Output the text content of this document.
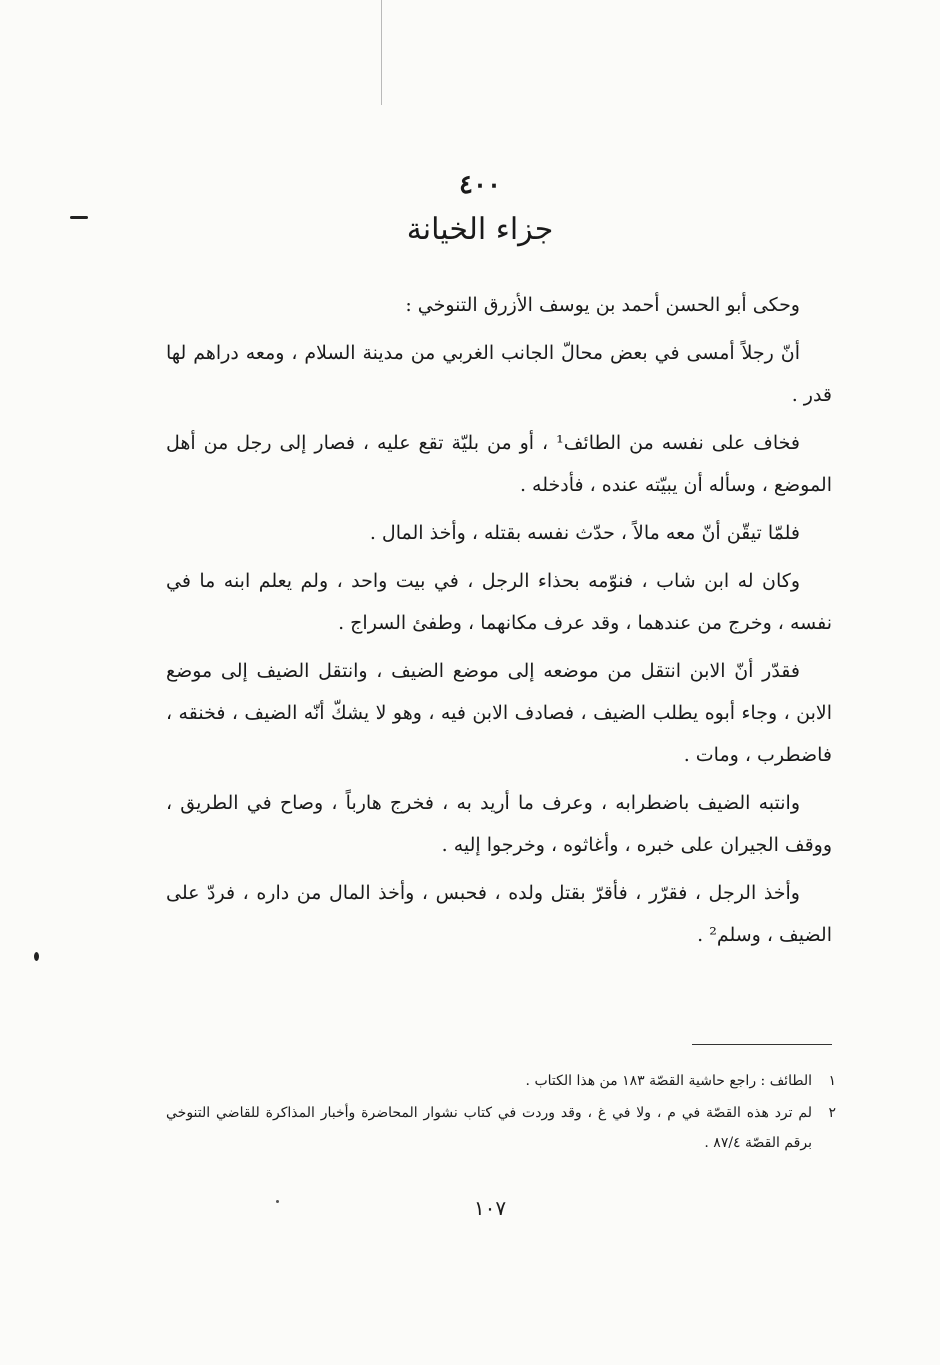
٤٠٠
جزاء الخيانة

وحكى أبو الحسن أحمد بن يوسف الأزرق التنوخي :

أنّ رجلاً أمسى في بعض محالّ الجانب الغربي من مدينة السلام ، ومعه دراهم لها قدر .

فخاف على نفسه من الطائف¹ ، أو من بليّة تقع عليه ، فصار إلى رجل من أهل الموضع ، وسأله أن يبيّته عنده ، فأدخله .

فلمّا تيقّن أنّ معه مالاً ، حدّث نفسه بقتله ، وأخذ المال .

وكان له ابن شاب ، فنوّمه بحذاء الرجل ، في بيت واحد ، ولم يعلم ابنه ما في نفسه ، وخرج من عندهما ، وقد عرف مكانهما ، وطفئ السراج .

فقدّر أنّ الابن انتقل من موضعه إلى موضع الضيف ، وانتقل الضيف إلى موضع الابن ، وجاء أبوه يطلب الضيف ، فصادف الابن فيه ، وهو لا يشكّ أنّه الضيف ، فخنقه ، فاضطرب ، ومات .

وانتبه الضيف باضطرابه ، وعرف ما أريد به ، فخرج هارباً ، وصاح في الطريق ، ووقف الجيران على خبره ، وأغاثوه ، وخرجوا إليه .

وأخذ الرجل ، فقرّر ، فأقرّ بقتل ولده ، فحبس ، وأخذ المال من داره ، فردّ على الضيف ، وسلم² .

١
الطائف : راجع حاشية القصّة ١٨٣ من هذا الكتاب .
٢
لم ترد هذه القصّة في م ، ولا في غ ، وقد وردت في كتاب نشوار المحاضرة وأخبار المذاكرة للقاضي التنوخي برقم القصّة ٨٧/٤ .
١٠٧
